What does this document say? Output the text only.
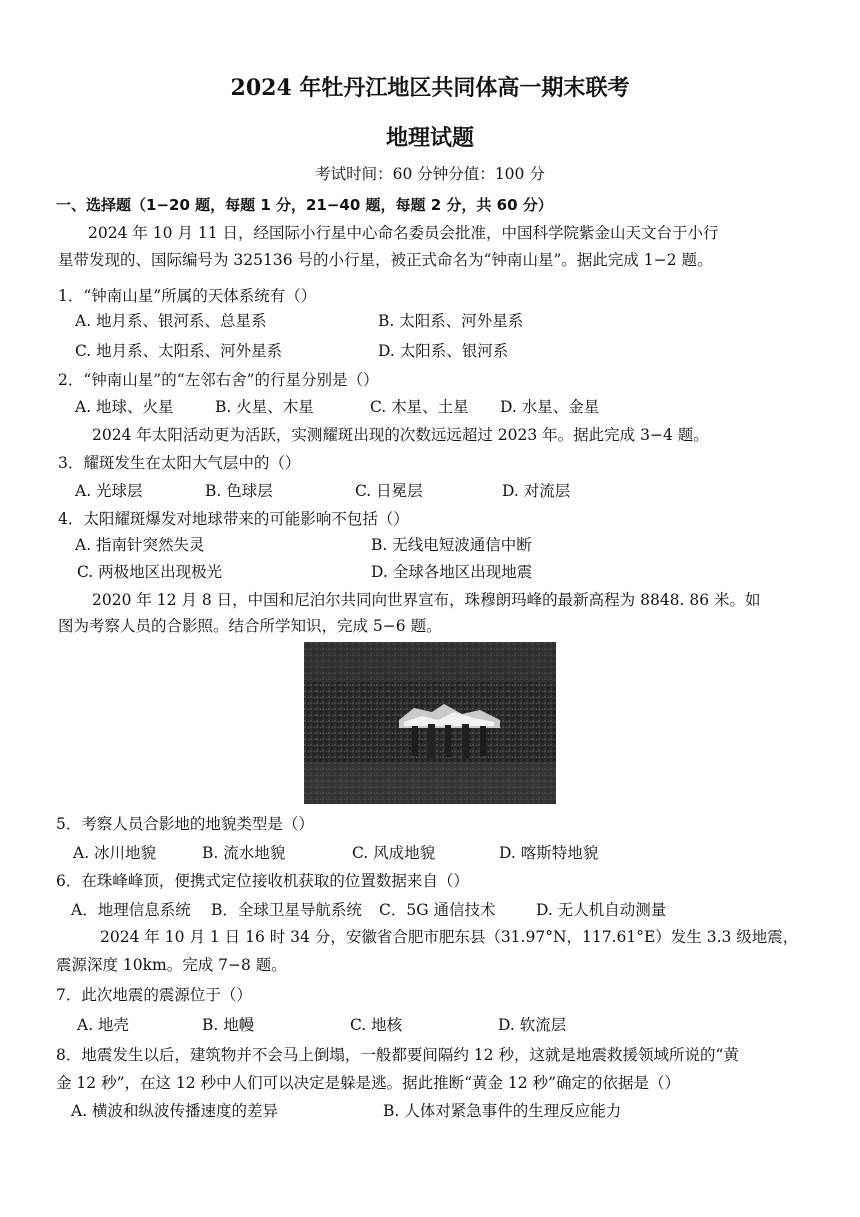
2024 年牡丹江地区共同体高一期末联考
地理试题
考试时间：60 分钟分值：100 分
一、选择题（1−20 题，每题 1 分，21−40 题，每题 2 分，共 60 分）
2024 年 10 月 11 日，经国际小行星中心命名委员会批准，中国科学院紫金山天文台于小行
星带发现的、国际编号为 325136 号的小行星，被正式命名为“钟南山星”。据此完成 1−2 题。
1．“钟南山星”所属的天体系统有（）
A. 地月系、银河系、总星系	B. 太阳系、河外星系
C. 地月系、太阳系、河外星系	D. 太阳系、银河系
2．“钟南山星”的“左邻右舍”的行星分别是（）
A. 地球、火星	B. 火星、木星	C. 木星、土星 D. 水星、金星
2024 年太阳活动更为活跃，实测耀斑出现的次数远远超过 2023 年。据此完成 3−4 题。
3．耀斑发生在太阳大气层中的（）
A. 光球层	B. 色球层	C. 日冕层	D. 对流层
4．太阳耀斑爆发对地球带来的可能影响不包括（）
A. 指南针突然失灵	B. 无线电短波通信中断
C. 两极地区出现极光	D. 全球各地区出现地震
2020 年 12 月 8 日，中国和尼泊尔共同向世界宣布，珠穆朗玛峰的最新高程为 8848. 86 米。如
图为考察人员的合影照。结合所学知识，完成 5−6 题。
5．考察人员合影地的地貌类型是（）
A. 冰川地貌	B. 流水地貌	C. 风成地貌	D. 喀斯特地貌
6．在珠峰峰顶，便携式定位接收机获取的位置数据来自（）
A．地理信息系统 B．全球卫星导航系统 C．5G 通信技术	D. 无人机自动测量
2024 年 10 月 1 日 16 时 34 分，安徽省合肥市肥东县（31.97°N，117.61°E）发生 3.3 级地震，
震源深度 10km。完成 7−8 题。
7．此次地震的震源位于（）
A. 地壳	B. 地幔	C. 地核	D. 软流层
8．地震发生以后，建筑物并不会马上倒塌，一般都要间隔约 12 秒，这就是地震救援领域所说的“黄
金 12 秒”，在这 12 秒中人们可以决定是躲是逃。据此推断“黄金 12 秒”确定的依据是（）
A. 横波和纵波传播速度的差异	B. 人体对紧急事件的生理反应能力
